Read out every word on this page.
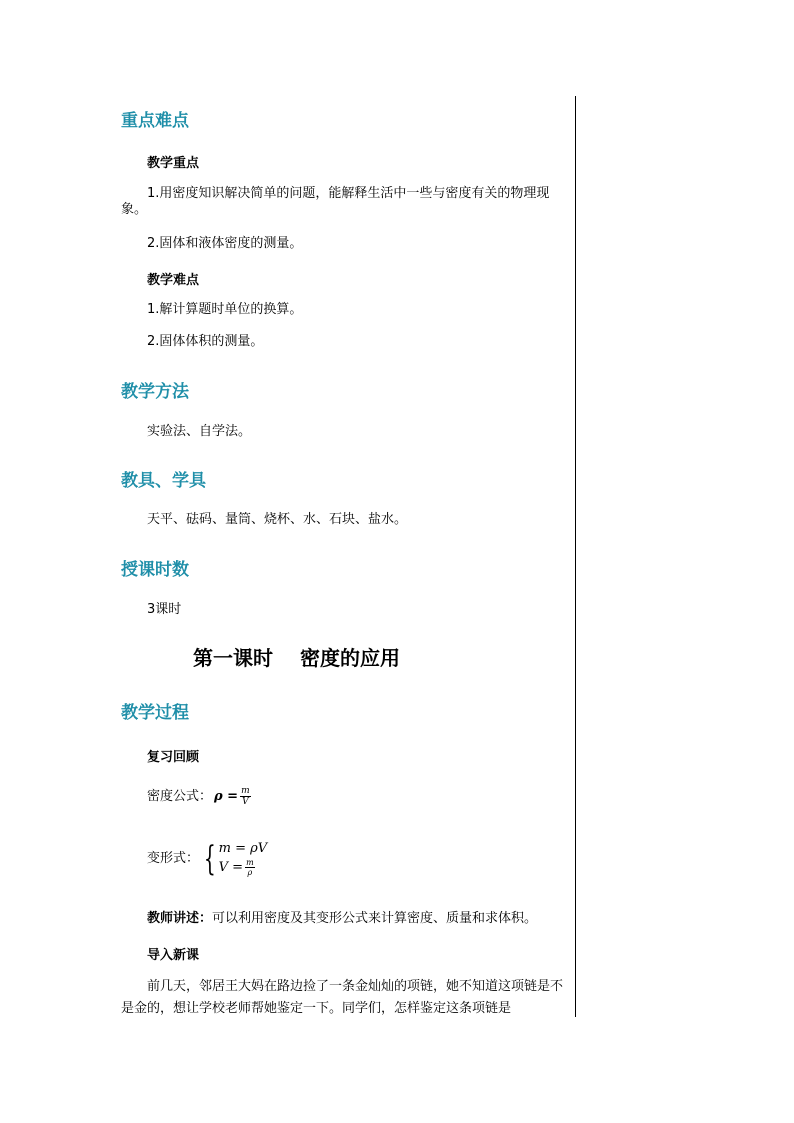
重点难点
教学重点
1.用密度知识解决简单的问题，能解释生活中一些与密度有关的物理现象。
2.固体和液体密度的测量。
教学难点
1.解计算题时单位的换算。
2.固体体积的测量。
教学方法
实验法、自学法。
教具、学具
天平、砝码、量筒、烧杯、水、石块、盐水。
授课时数
3课时
第一课时　 密度的应用
教学过程
复习回顾
密度公式： $\rho = \frac{m}{V}$
变形式： { m = ρV
$V = \frac{m}{\rho}$
教师讲述：可以利用密度及其变形公式来计算密度、质量和求体积。
导入新课
前几天，邻居王大妈在路边捡了一条金灿灿的项链，她不知道这项链是不是金的，想让学校老师帮她鉴定一下。同学们，怎样鉴定这条项链是
